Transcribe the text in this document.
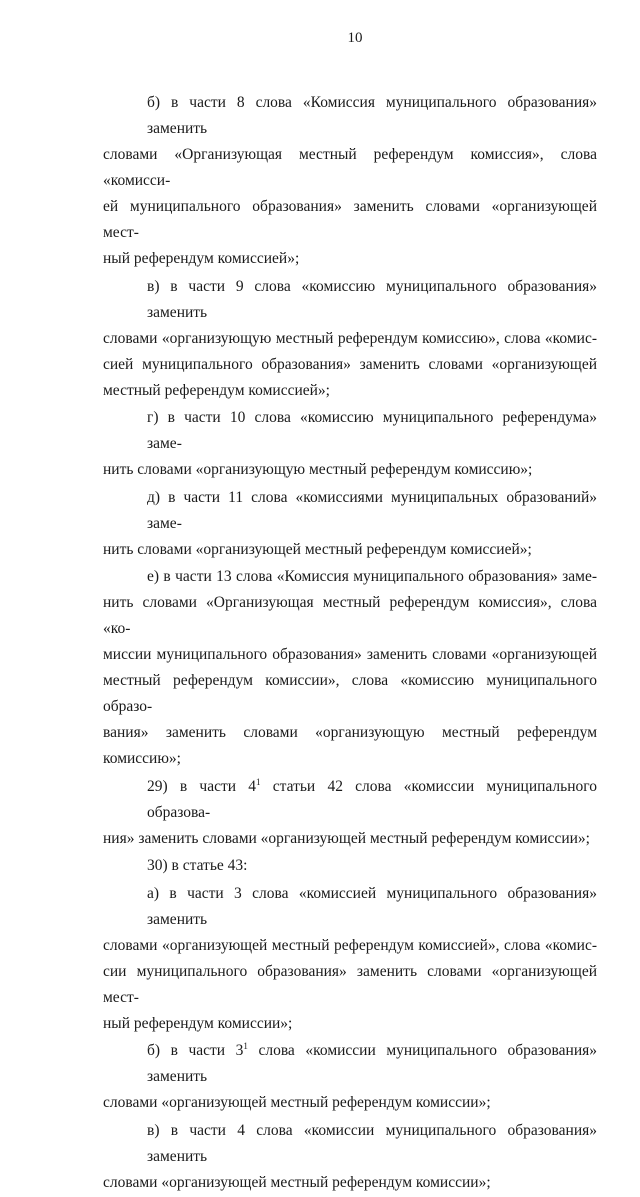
10
б) в части 8 слова «Комиссия муниципального образования» заменить
словами «Организующая местный референдум комиссия», слова «комисси-
ей муниципального образования» заменить словами «организующей мест-
ный референдум комиссией»;
в) в части 9 слова «комиссию муниципального образования» заменить
словами «организующую местный референдум комиссию», слова «комис-
сией муниципального образования» заменить словами «организующей
местный референдум комиссией»;
г) в части 10 слова «комиссию муниципального референдума» заме-
нить словами «организующую местный референдум комиссию»;
д) в части 11 слова «комиссиями муниципальных образований» заме-
нить словами «организующей местный референдум комиссией»;
е) в части 13 слова «Комиссия муниципального образования» заме-
нить словами «Организующая местный референдум комиссия», слова «ко-
миссии муниципального образования» заменить словами «организующей
местный референдум комиссии», слова «комиссию муниципального образо-
вания» заменить словами «организующую местный референдум комиссию»;
29) в части $4^1$ статьи 42 слова «комиссии муниципального образова-
ния» заменить словами «организующей местный референдум комиссии»;
30) в статье 43:
а) в части 3 слова «комиссией муниципального образования» заменить
словами «организующей местный референдум комиссией», слова «комис-
сии муниципального образования» заменить словами «организующей мест-
ный референдум комиссии»;
б) в части $3^1$ слова «комиссии муниципального образования» заменить
словами «организующей местный референдум комиссии»;
в) в части 4 слова «комиссии муниципального образования» заменить
словами «организующей местный референдум комиссии»;
